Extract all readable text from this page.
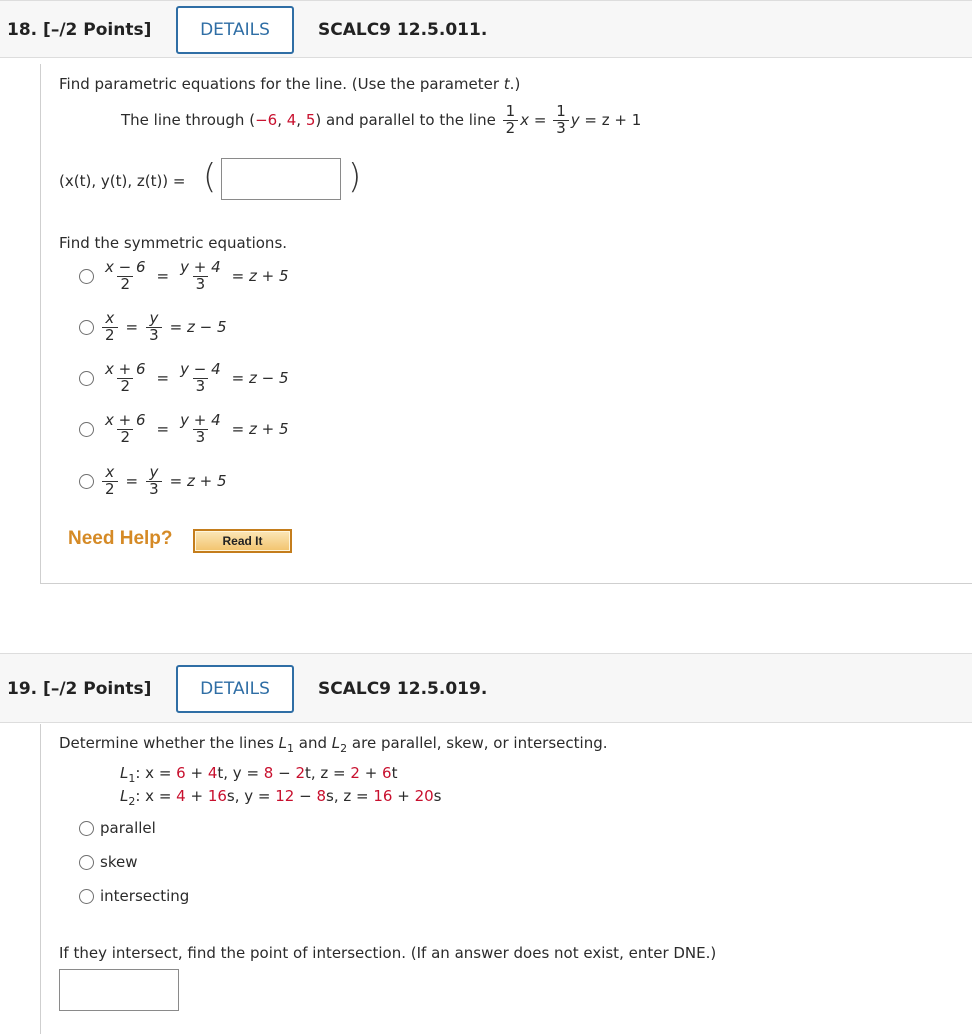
18. [–/2 Points]	DETAILS	SCALC9 12.5.011.
Find parametric equations for the line. (Use the parameter t.)
The line through ( −6 , 4 , 5 ) and parallel to the line
$\frac{1}{2}$ x
=
$\frac{1}{3}$ y
= z + 1
(x(t), y(t), z(t)) = (	)
Find the symmetric equations.
$\frac{x - 6}{2} = \frac{y + 4}{3} = z + 5$
$\frac{x}{2} = \frac{y}{3} = z - 5$
$\frac{x + 6}{2} = \frac{y - 4}{3} = z - 5$
$\frac{x + 6}{2} = \frac{y + 4}{3} = z + 5$
$\frac{x}{2} = \frac{y}{3} = z + 5$
Need Help?	Read It
19. [–/2 Points]	DETAILS	SCALC9 12.5.019.
Determine whether the lines $L_1$ and $L_2$ are parallel, skew, or intersecting.
$L_1$: x = 6 + 4t, y = 8 − 2t, z = 2 + 6t
$L_2$: x = 4 + 16s, y = 12 − 8s, z = 16 + 20s
parallel
skew
intersecting
If they intersect, find the point of intersection. (If an answer does not exist, enter DNE.)
